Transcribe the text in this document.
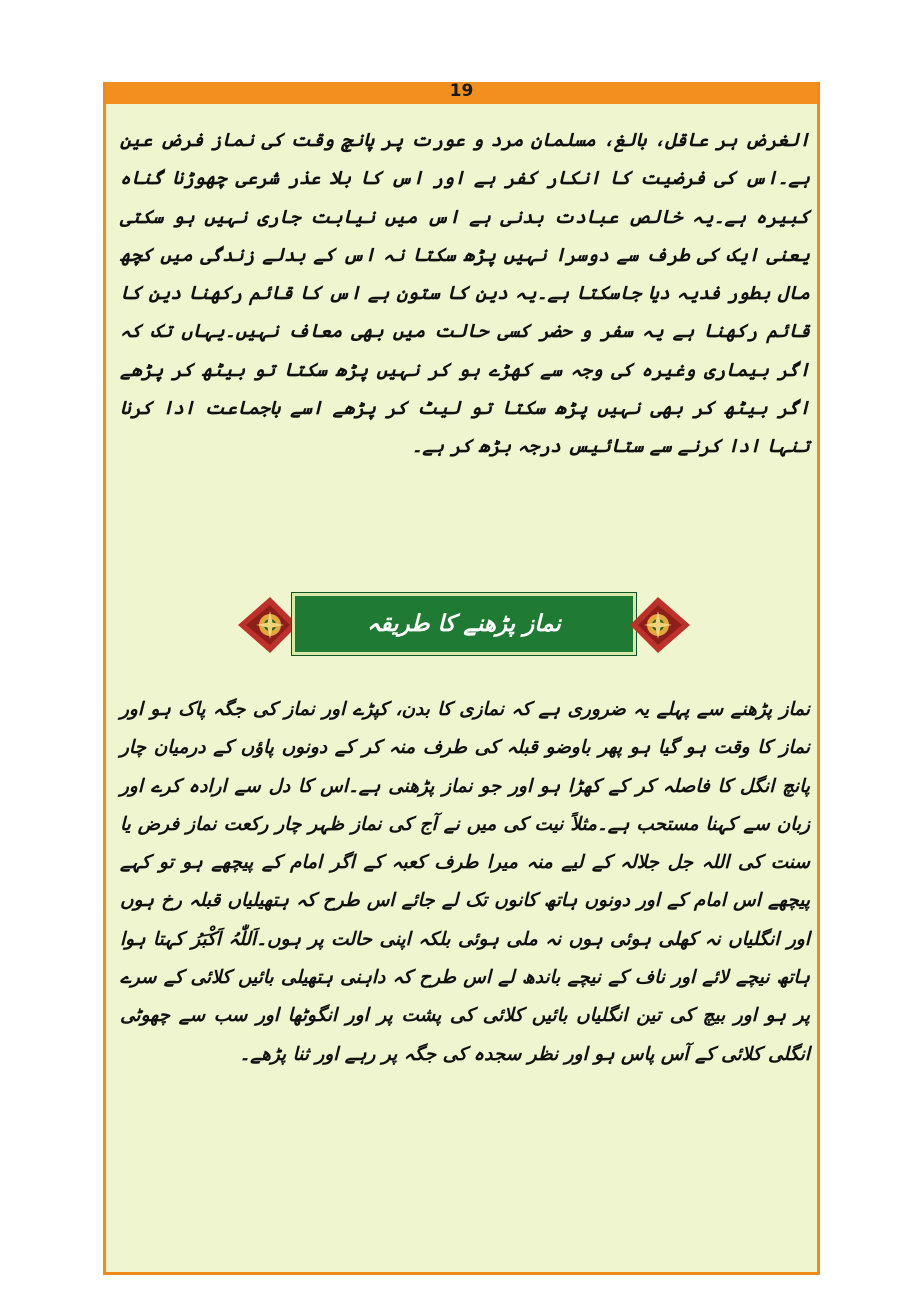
19

الغرض ہر عاقل، بالغ، مسلمان مرد و عورت پر پانچ وقت کی نماز فرض عین ہے۔اس کی فرضیت کا انکار کفر ہے اور اس کا بلا عذر شرعی چھوڑنا گناہ کبیرہ ہے۔یہ خالص عبادت بدنی ہے اس میں نیابت جاری نہیں ہو سکتی یعنی ایک کی طرف سے دوسرا نہیں پڑھ سکتا نہ اس کے بدلے زندگی میں کچھ مال بطور فدیہ دیا جاسکتا ہے۔یہ دین کا ستون ہے اس کا قائم رکھنا دین کا قائم رکھنا ہے یہ سفر و حضر کسی حالت میں بھی معاف نہیں۔یہاں تک کہ اگر بیماری وغیرہ کی وجہ سے کھڑے ہو کر نہیں پڑھ سکتا تو بیٹھ کر پڑھے اگر بیٹھ کر بھی نہیں پڑھ سکتا تو لیٹ کر پڑھے اسے باجماعت ادا کرنا تنہا ادا کرنے سے ستائیس درجہ بڑھ کر ہے۔

نماز پڑھنے کا طریقہ

نماز پڑھنے سے پہلے یہ ضروری ہے کہ نمازی کا بدن، کپڑے اور نماز کی جگہ پاک ہو اور نماز کا وقت ہو گیا ہو پھر باوضو قبلہ کی طرف منہ کر کے دونوں پاؤں کے درمیان چار پانچ انگل کا فاصلہ کر کے کھڑا ہو اور جو نماز پڑھنی ہے۔اس کا دل سے ارادہ کرے اور زبان سے کہنا مستحب ہے۔مثلاً نیت کی میں نے آج کی نماز ظہر چار رکعت نماز فرض یا سنت کی اللہ جل جلالہ کے لیے منہ میرا طرف کعبہ کے اگر امام کے پیچھے ہو تو کہے پیچھے اس امام کے اور دونوں ہاتھ کانوں تک لے جائے اس طرح کہ ہتھیلیاں قبلہ رخ ہوں اور انگلیاں نہ کھلی ہوئی ہوں نہ ملی ہوئی بلکہ اپنی حالت پر ہوں۔اَللّٰہُ اَکْبَرُ کہتا ہوا ہاتھ نیچے لائے اور ناف کے نیچے باندھ لے اس طرح کہ داہنی ہتھیلی بائیں کلائی کے سرے پر ہو اور بیچ کی تین انگلیاں بائیں کلائی کی پشت پر اور انگوٹھا اور سب سے چھوٹی انگلی کلائی کے آس پاس ہو اور نظر سجدہ کی جگہ پر رہے اور ثنا پڑھے۔
